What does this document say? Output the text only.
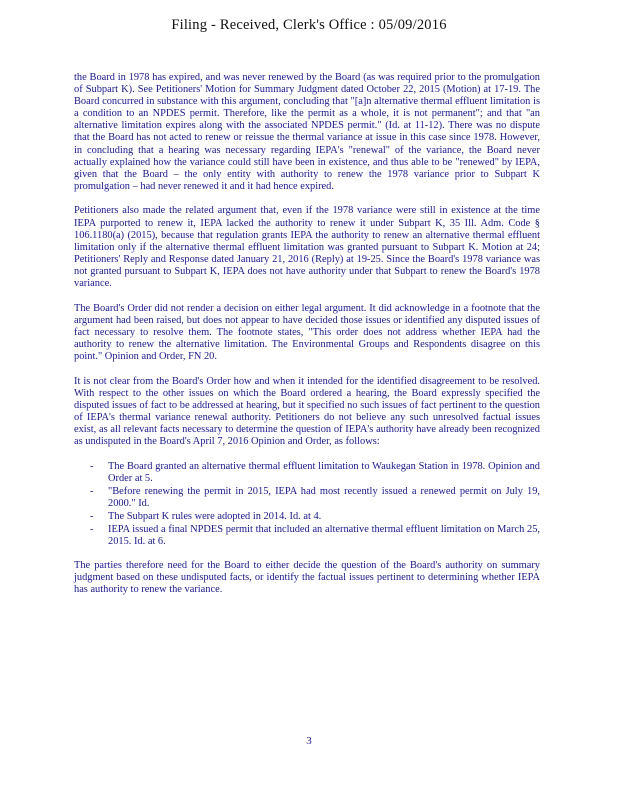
Filing - Received, Clerk's Office : 05/09/2016

the Board in 1978 has expired, and was never renewed by the Board (as was required prior to the promulgation of Subpart K). See Petitioners' Motion for Summary Judgment dated October 22, 2015 (Motion) at 17-19. The Board concurred in substance with this argument, concluding that "[a]n alternative thermal effluent limitation is a condition to an NPDES permit. Therefore, like the permit as a whole, it is not permanent"; and that "an alternative limitation expires along with the associated NPDES permit." (Id. at 11-12). There was no dispute that the Board has not acted to renew or reissue the thermal variance at issue in this case since 1978. However, in concluding that a hearing was necessary regarding IEPA's "renewal" of the variance, the Board never actually explained how the variance could still have been in existence, and thus able to be "renewed" by IEPA, given that the Board – the only entity with authority to renew the 1978 variance prior to Subpart K promulgation – had never renewed it and it had hence expired.

Petitioners also made the related argument that, even if the 1978 variance were still in existence at the time IEPA purported to renew it, IEPA lacked the authority to renew it under Subpart K, 35 Ill. Adm. Code § 106.1180(a) (2015), because that regulation grants IEPA the authority to renew an alternative thermal effluent limitation only if the alternative thermal effluent limitation was granted pursuant to Subpart K. Motion at 24; Petitioners' Reply and Response dated January 21, 2016 (Reply) at 19-25. Since the Board's 1978 variance was not granted pursuant to Subpart K, IEPA does not have authority under that Subpart to renew the Board's 1978 variance.

The Board's Order did not render a decision on either legal argument. It did acknowledge in a footnote that the argument had been raised, but does not appear to have decided those issues or identified any disputed issues of fact necessary to resolve them. The footnote states, "This order does not address whether IEPA had the authority to renew the alternative limitation. The Environmental Groups and Respondents disagree on this point." Opinion and Order, FN 20.

It is not clear from the Board's Order how and when it intended for the identified disagreement to be resolved. With respect to the other issues on which the Board ordered a hearing, the Board expressly specified the disputed issues of fact to be addressed at hearing, but it specified no such issues of fact pertinent to the question of IEPA's thermal variance renewal authority. Petitioners do not believe any such unresolved factual issues exist, as all relevant facts necessary to determine the question of IEPA's authority have already been recognized as undisputed in the Board's April 7, 2016 Opinion and Order, as follows:

- The Board granted an alternative thermal effluent limitation to Waukegan Station in 1978. Opinion and Order at 5.
- "Before renewing the permit in 2015, IEPA had most recently issued a renewed permit on July 19, 2000." Id.
- The Subpart K rules were adopted in 2014. Id. at 4.
- IEPA issued a final NPDES permit that included an alternative thermal effluent limitation on March 25, 2015. Id. at 6.

The parties therefore need for the Board to either decide the question of the Board's authority on summary judgment based on these undisputed facts, or identify the factual issues pertinent to determining whether IEPA has authority to renew the variance.

3
